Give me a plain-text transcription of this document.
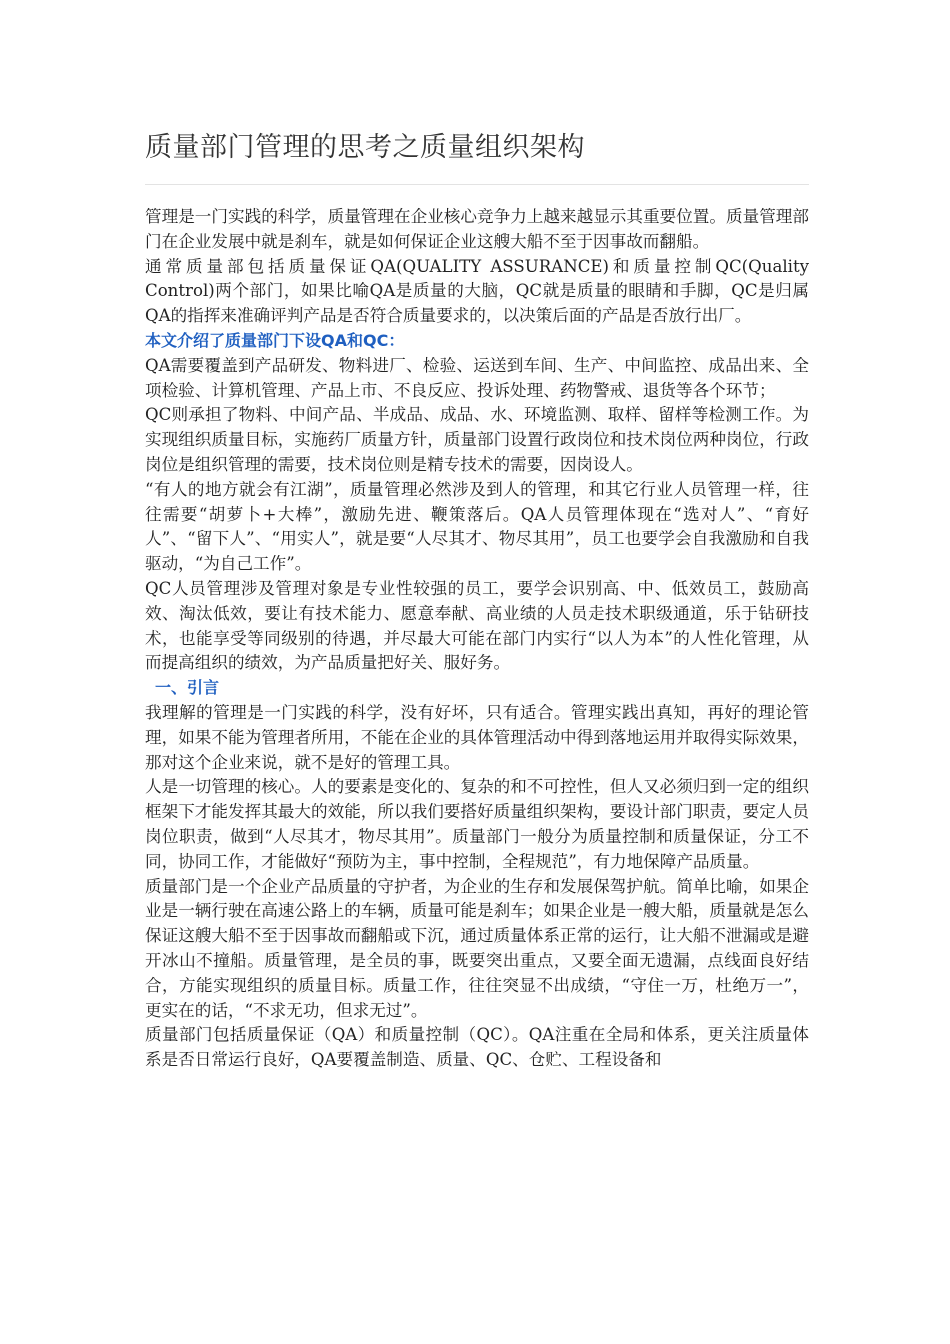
质量部门管理的思考之质量组织架构

管理是一门实践的科学，质量管理在企业核心竞争力上越来越显示其重要位置。质量管理部门在企业发展中就是刹车，就是如何保证企业这艘大船不至于因事故而翻船。

通常质量部包括质量保证QA(QUALITY ASSURANCE)和质量控制QC(Quality Control)两个部门，如果比喻QA是质量的大脑，QC就是质量的眼睛和手脚，QC是归属QA的指挥来准确评判产品是否符合质量要求的，以决策后面的产品是否放行出厂。

本文介绍了质量部门下设QA和QC：

QA需要覆盖到产品研发、物料进厂、检验、运送到车间、生产、中间监控、成品出来、全项检验、计算机管理、产品上市、不良反应、投诉处理、药物警戒、退货等各个环节；

QC则承担了物料、中间产品、半成品、成品、水、环境监测、取样、留样等检测工作。为实现组织质量目标，实施药厂质量方针，质量部门设置行政岗位和技术岗位两种岗位，行政岗位是组织管理的需要，技术岗位则是精专技术的需要，因岗设人。

“有人的地方就会有江湖”，质量管理必然涉及到人的管理，和其它行业人员管理一样，往往需要“胡萝卜+大棒”，激励先进、鞭策落后。QA人员管理体现在“选对人”、“育好人”、“留下人”、“用实人”，就是要“人尽其才、物尽其用”，员工也要学会自我激励和自我驱动，“为自己工作”。

QC人员管理涉及管理对象是专业性较强的员工，要学会识别高、中、低效员工，鼓励高效、淘汰低效，要让有技术能力、愿意奉献、高业绩的人员走技术职级通道，乐于钻研技术，也能享受等同级别的待遇，并尽最大可能在部门内实行“以人为本”的人性化管理，从而提高组织的绩效，为产品质量把好关、服好务。

一、引言

我理解的管理是一门实践的科学，没有好坏，只有适合。管理实践出真知，再好的理论管理，如果不能为管理者所用，不能在企业的具体管理活动中得到落地运用并取得实际效果，那对这个企业来说，就不是好的管理工具。

人是一切管理的核心。人的要素是变化的、复杂的和不可控性，但人又必须归到一定的组织框架下才能发挥其最大的效能，所以我们要搭好质量组织架构，要设计部门职责，要定人员岗位职责，做到“人尽其才，物尽其用”。质量部门一般分为质量控制和质量保证，分工不同，协同工作，才能做好“预防为主，事中控制，全程规范”，有力地保障产品质量。

质量部门是一个企业产品质量的守护者，为企业的生存和发展保驾护航。简单比喻，如果企业是一辆行驶在高速公路上的车辆，质量可能是刹车；如果企业是一艘大船，质量就是怎么保证这艘大船不至于因事故而翻船或下沉，通过质量体系正常的运行，让大船不泄漏或是避开冰山不撞船。质量管理，是全员的事，既要突出重点，又要全面无遗漏，点线面良好结合，方能实现组织的质量目标。质量工作，往往突显不出成绩，“守住一万，杜绝万一”，更实在的话，“不求无功，但求无过”。

质量部门包括质量保证（QA）和质量控制（QC）。QA注重在全局和体系，更关注质量体系是否日常运行良好，QA要覆盖制造、质量、QC、仓贮、工程设备和
